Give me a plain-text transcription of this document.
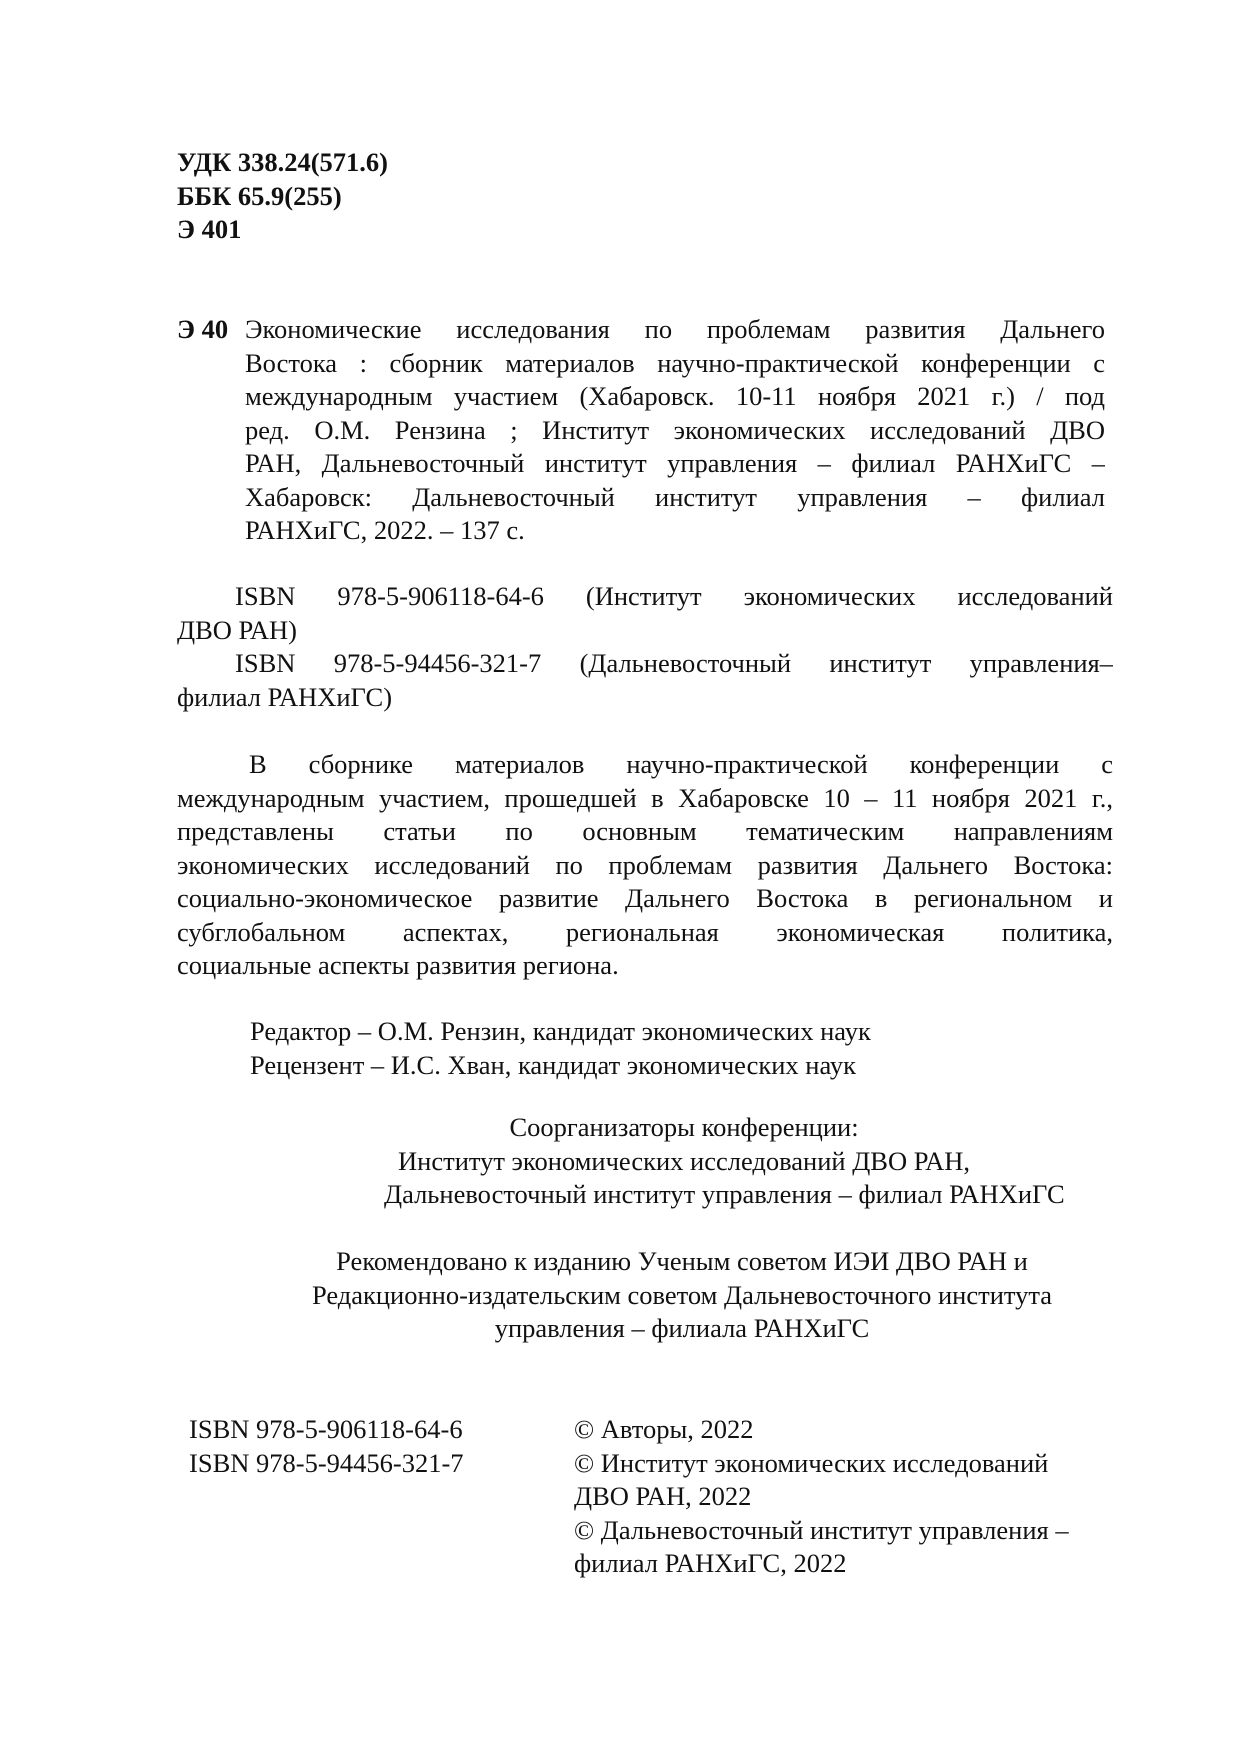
УДК 338.24(571.6)
ББК 65.9(255)
Э 401
Э 40 Экономические исследования по проблемам развития Дальнего
Востока : сборник материалов научно-практической конференции с
международным участием (Хабаровск. 10-11 ноября 2021 г.) / под
ред. О.М. Рензина ; Институт экономических исследований ДВО
РАН, Дальневосточный институт управления – филиал РАНХиГС –
Хабаровск: Дальневосточный институт управления – филиал
РАНХиГС, 2022. – 137 с.
ISBN 978-5-906118-64-6 (Институт экономических исследований
ДВО РАН)
ISBN 978-5-94456-321-7 (Дальневосточный институт управления–
филиал РАНХиГС)
В сборнике материалов научно-практической конференции с
международным участием, прошедшей в Хабаровске 10 – 11 ноября 2021 г.,
представлены статьи по основным тематическим направлениям
экономических исследований по проблемам развития Дальнего Востока:
социально-экономическое развитие Дальнего Востока в региональном и
субглобальном аспектах, региональная экономическая политика,
социальные аспекты развития региона.
Редактор – О.М. Рензин, кандидат экономических наук
Рецензент – И.С. Хван, кандидат экономических наук
Соорганизаторы конференции:
Институт экономических исследований ДВО РАН,
Дальневосточный институт управления – филиал РАНХиГС
Рекомендовано к изданию Ученым советом ИЭИ ДВО РАН и
Редакционно-издательским советом Дальневосточного института
управления – филиала РАНХиГС
ISBN 978-5-906118-64-6
ISBN 978-5-94456-321-7
© Авторы, 2022
© Институт экономических исследований
ДВО РАН, 2022
© Дальневосточный институт управления –
филиал РАНХиГС, 2022
